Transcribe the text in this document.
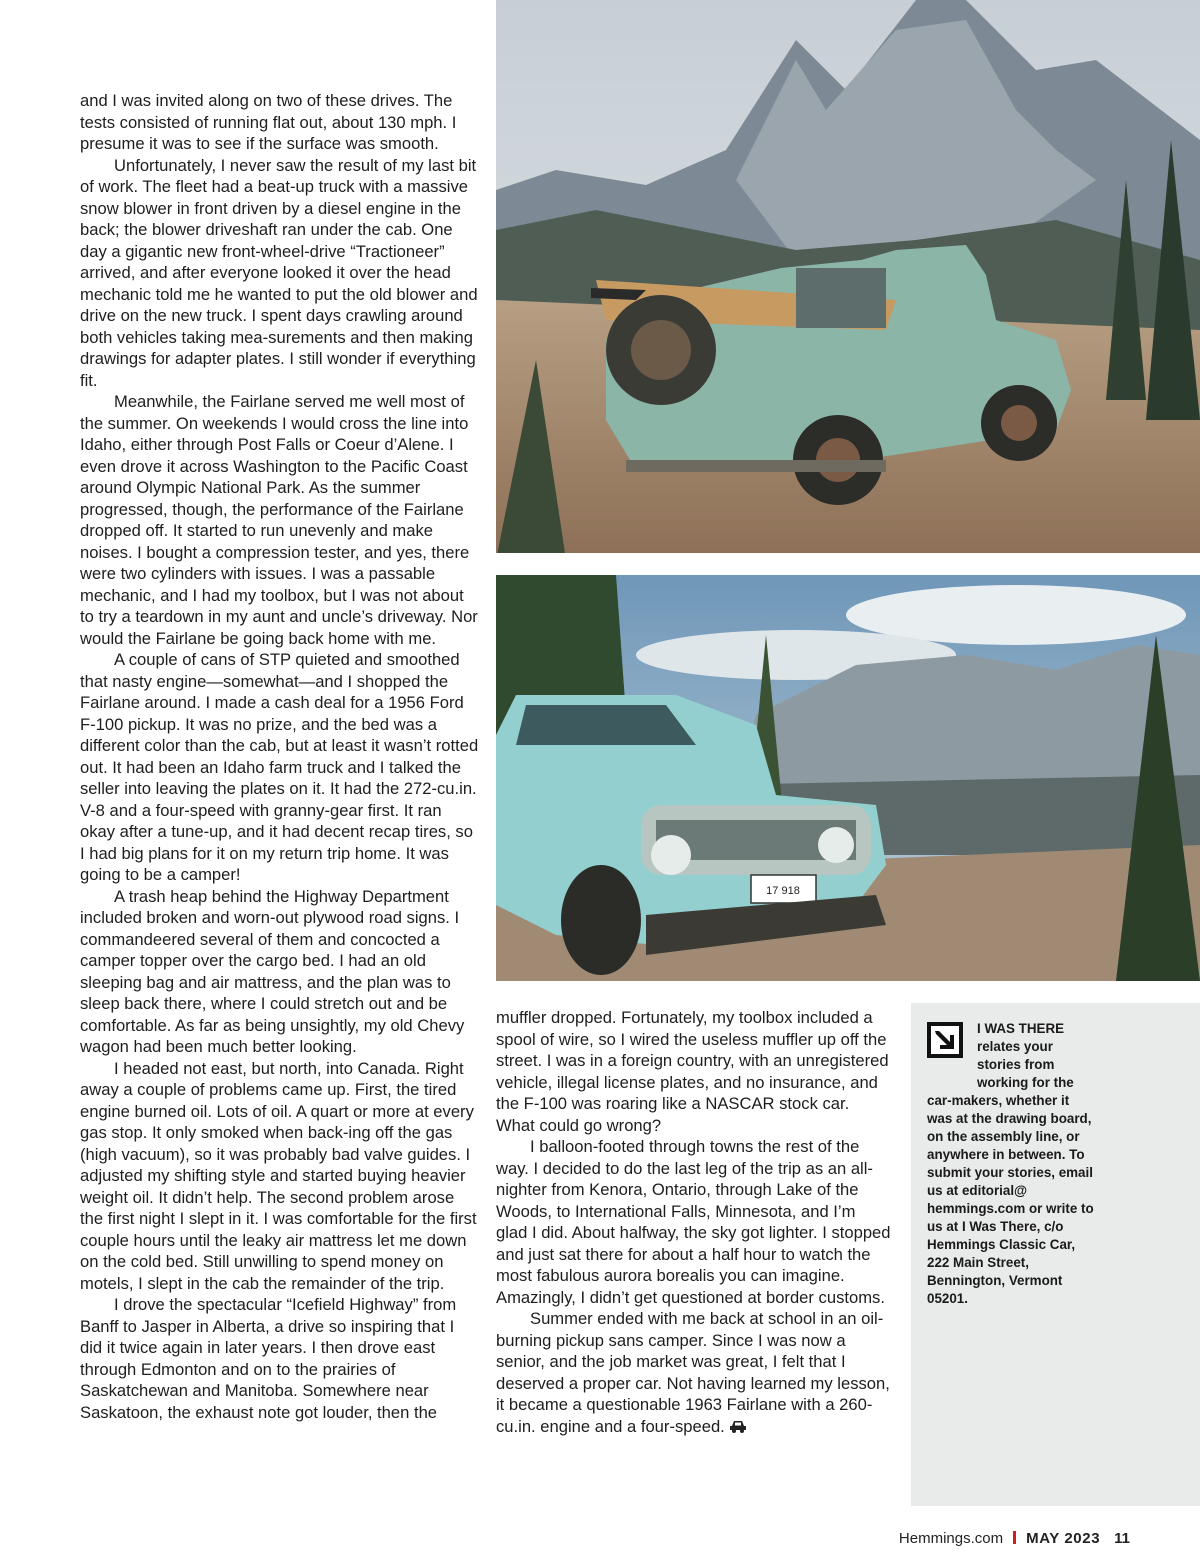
and I was invited along on two of these drives. The tests consisted of running flat out, about 130 mph. I presume it was to see if the surface was smooth.

Unfortunately, I never saw the result of my last bit of work. The fleet had a beat-up truck with a massive snow blower in front driven by a diesel engine in the back; the blower driveshaft ran under the cab. One day a gigantic new front-wheel-drive “Tractioneer” arrived, and after everyone looked it over the head mechanic told me he wanted to put the old blower and drive on the new truck. I spent days crawling around both vehicles taking mea-surements and then making drawings for adapter plates. I still wonder if everything fit.

Meanwhile, the Fairlane served me well most of the summer. On weekends I would cross the line into Idaho, either through Post Falls or Coeur d’Alene. I even drove it across Washington to the Pacific Coast around Olympic National Park. As the summer progressed, though, the performance of the Fairlane dropped off. It started to run unevenly and make noises. I bought a compression tester, and yes, there were two cylinders with issues. I was a passable mechanic, and I had my toolbox, but I was not about to try a teardown in my aunt and uncle’s driveway. Nor would the Fairlane be going back home with me.

A couple of cans of STP quieted and smoothed that nasty engine—somewhat—and I shopped the Fairlane around. I made a cash deal for a 1956 Ford F-100 pickup. It was no prize, and the bed was a different color than the cab, but at least it wasn’t rotted out. It had been an Idaho farm truck and I talked the seller into leaving the plates on it. It had the 272-cu.in. V-8 and a four-speed with granny-gear first. It ran okay after a tune-up, and it had decent recap tires, so I had big plans for it on my return trip home. It was going to be a camper!

A trash heap behind the Highway Department included broken and worn-out plywood road signs. I commandeered several of them and concocted a camper topper over the cargo bed. I had an old sleeping bag and air mattress, and the plan was to sleep back there, where I could stretch out and be comfortable. As far as being unsightly, my old Chevy wagon had been much better looking.

I headed not east, but north, into Canada. Right away a couple of problems came up. First, the tired engine burned oil. Lots of oil. A quart or more at every gas stop. It only smoked when back-ing off the gas (high vacuum), so it was probably bad valve guides. I adjusted my shifting style and started buying heavier weight oil. It didn’t help. The second problem arose the first night I slept in it. I was comfortable for the first couple hours until the leaky air mattress let me down on the cold bed. Still unwilling to spend money on motels, I slept in the cab the remainder of the trip.

I drove the spectacular “Icefield Highway” from Banff to Jasper in Alberta, a drive so inspiring that I did it twice again in later years. I then drove east through Edmonton and on to the prairies of Saskatchewan and Manitoba. Somewhere near Saskatoon, the exhaust note got louder, then the

17 918

muffler dropped. Fortunately, my toolbox included a spool of wire, so I wired the useless muffler up off the street. I was in a foreign country, with an unregistered vehicle, illegal license plates, and no insurance, and the F-100 was roaring like a NASCAR stock car. What could go wrong?

I balloon-footed through towns the rest of the way. I decided to do the last leg of the trip as an all-nighter from Kenora, Ontario, through Lake of the Woods, to International Falls, Minnesota, and I’m glad I did. About halfway, the sky got lighter. I stopped and just sat there for about a half hour to watch the most fabulous aurora borealis you can imagine. Amazingly, I didn’t get questioned at border customs.

Summer ended with me back at school in an oil-burning pickup sans camper. Since I was now a senior, and the job market was great, I felt that I deserved a proper car. Not having learned my lesson, it became a questionable 1963 Fairlane with a 260-cu.in. engine and a four-speed.

I WAS THERE relates your stories from working for the car-makers, whether it was at the drawing board, on the assembly line, or anywhere in between. To submit your stories, email us at editorial@ hemmings.com or write to us at I Was There, c/o Hemmings Classic Car, 222 Main Street, Bennington, Vermont 05201.
Hemmings.com MAY 2023 11
